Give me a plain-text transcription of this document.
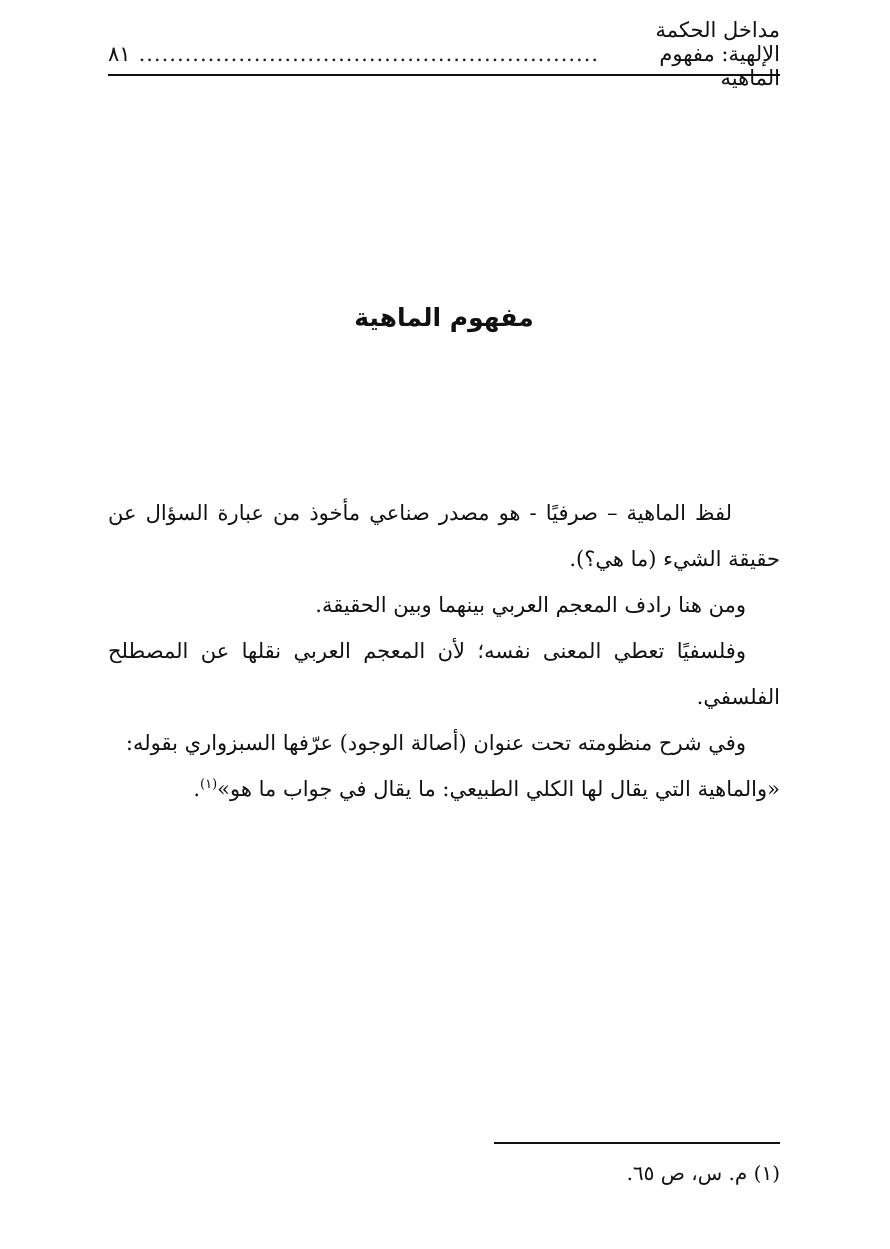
مداخل الحكمة الإلهية: مفهوم الماهية
............................................................
٨١
مفهوم الماهية

لفظ الماهية – صرفيًا - هو مصدر صناعي مأخوذ من عبارة السؤال عن حقيقة الشيء (ما هي؟).

ومن هنا رادف المعجم العربي بينهما وبين الحقيقة.

وفلسفيًا تعطي المعنى نفسه؛ لأن المعجم العربي نقلها عن المصطلح الفلسفي.

وفي شرح منظومته تحت عنوان (أصالة الوجود) عرّفها السبزواري بقوله:

«والماهية التي يقال لها الكلي الطبيعي: ما يقال في جواب ما هو»$^{(١)}$.

(١) م. س، ص ٦٥.
